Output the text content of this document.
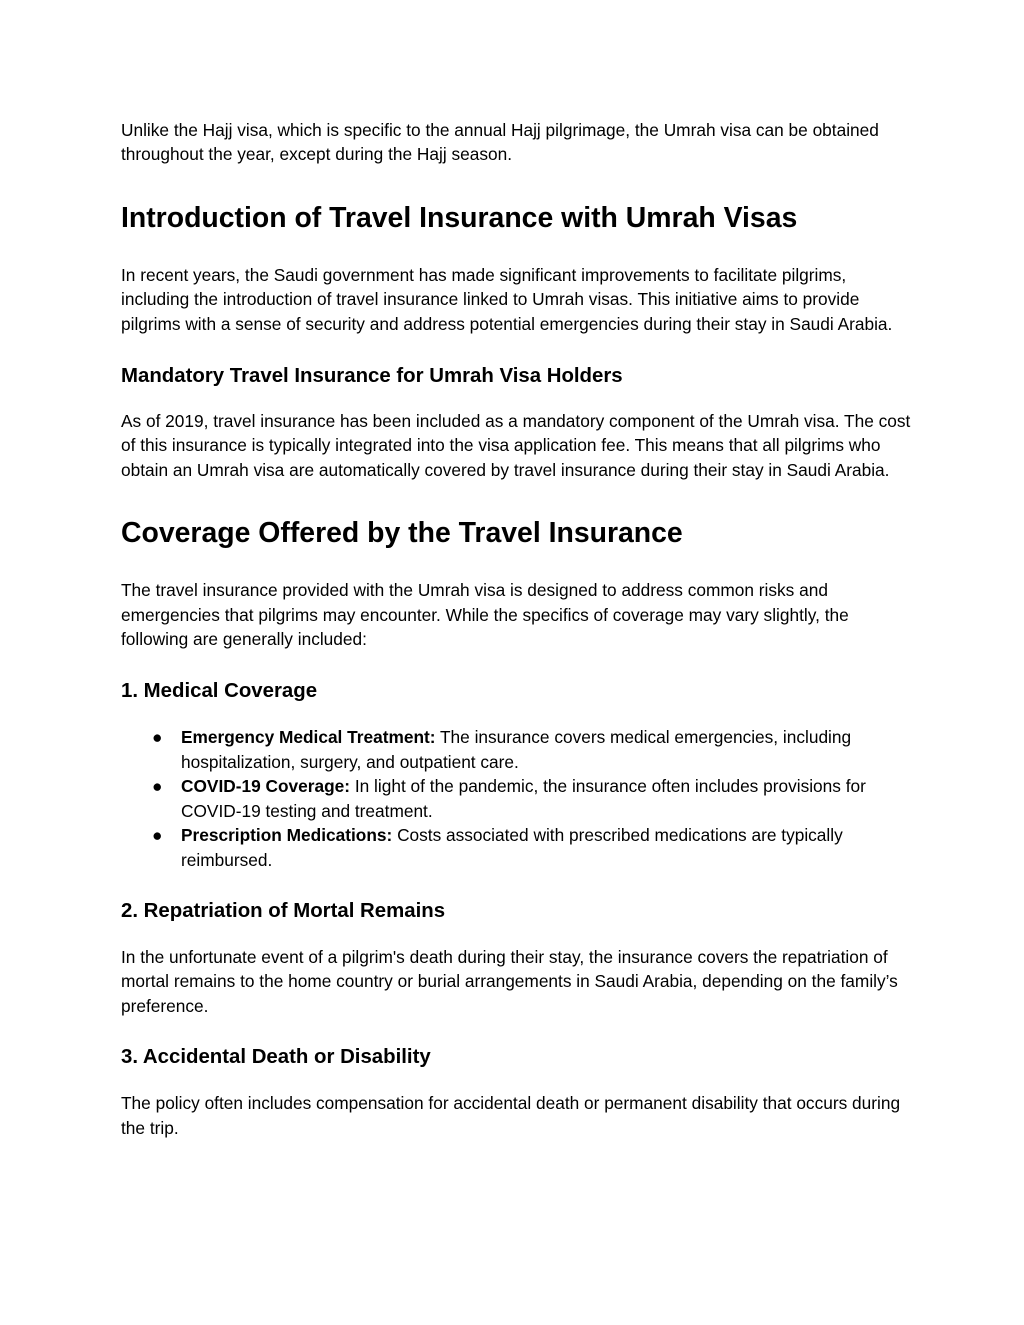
Unlike the Hajj visa, which is specific to the annual Hajj pilgrimage, the Umrah visa can be obtained throughout the year, except during the Hajj season.

Introduction of Travel Insurance with Umrah Visas

In recent years, the Saudi government has made significant improvements to facilitate pilgrims, including the introduction of travel insurance linked to Umrah visas. This initiative aims to provide pilgrims with a sense of security and address potential emergencies during their stay in Saudi Arabia.

Mandatory Travel Insurance for Umrah Visa Holders

As of 2019, travel insurance has been included as a mandatory component of the Umrah visa. The cost of this insurance is typically integrated into the visa application fee. This means that all pilgrims who obtain an Umrah visa are automatically covered by travel insurance during their stay in Saudi Arabia.

Coverage Offered by the Travel Insurance

The travel insurance provided with the Umrah visa is designed to address common risks and emergencies that pilgrims may encounter. While the specifics of coverage may vary slightly, the following are generally included:

1. Medical Coverage
● Emergency Medical Treatment: The insurance covers medical emergencies, including hospitalization, surgery, and outpatient care.
● COVID-19 Coverage: In light of the pandemic, the insurance often includes provisions for COVID-19 testing and treatment.
● Prescription Medications: Costs associated with prescribed medications are typically reimbursed.
2. Repatriation of Mortal Remains

In the unfortunate event of a pilgrim's death during their stay, the insurance covers the repatriation of mortal remains to the home country or burial arrangements in Saudi Arabia, depending on the family’s preference.

3. Accidental Death or Disability

The policy often includes compensation for accidental death or permanent disability that occurs during the trip.
